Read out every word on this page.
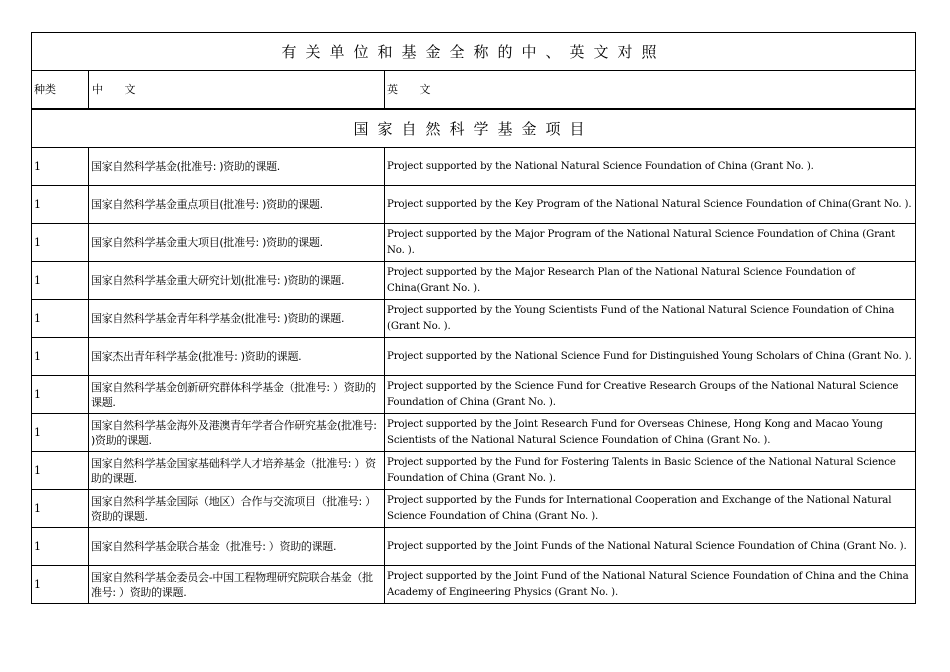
有关单位和基金全称的中、英文对照		
种类	中 文	英 文
国家自然科学基金项目		
1	国家自然科学基金(批准号: )资助的课题.	Project supported by the National Natural Science Foundation of China (Grant No. ).
1	国家自然科学基金重点项目(批准号: )资助的课题.	Project supported by the Key Program of the National Natural Science Foundation of China(Grant No. ).
1	国家自然科学基金重大项目(批准号: )资助的课题.	Project supported by the Major Program of the National Natural Science Foundation of China (Grant No. ).
1	国家自然科学基金重大研究计划(批准号: )资助的课题.	Project supported by the Major Research Plan of the National Natural Science Foundation of China(Grant No. ).
1	国家自然科学基金青年科学基金(批准号: )资助的课题.	Project supported by the Young Scientists Fund of the National Natural Science Foundation of China (Grant No. ).
1	国家杰出青年科学基金(批准号: )资助的课题.	Project supported by the National Science Fund for Distinguished Young Scholars of China (Grant No. ).
1	国家自然科学基金创新研究群体科学基金（批准号: ）资助的课题.	Project supported by the Science Fund for Creative Research Groups of the National Natural Science Foundation of China (Grant No. ).
1	国家自然科学基金海外及港澳青年学者合作研究基金(批准号: )资助的课题.	Project supported by the Joint Research Fund for Overseas Chinese, Hong Kong and Macao Young Scientists of the National Natural Science Foundation of China (Grant No. ).
1	国家自然科学基金国家基础科学人才培养基金（批准号: ）资助的课题.	Project supported by the Fund for Fostering Talents in Basic Science of the National Natural Science Foundation of China (Grant No. ).
1	国家自然科学基金国际（地区）合作与交流项目（批准号: ）资助的课题.	Project supported by the Funds for International Cooperation and Exchange of the National Natural Science Foundation of China (Grant No. ).
1	国家自然科学基金联合基金（批准号: ）资助的课题.	Project supported by the Joint Funds of the National Natural Science Foundation of China (Grant No. ).
1	国家自然科学基金委员会-中国工程物理研究院联合基金（批准号: ）资助的课题.	Project supported by the Joint Fund of the National Natural Science Foundation of China and the China Academy of Engineering Physics (Grant No. ).
